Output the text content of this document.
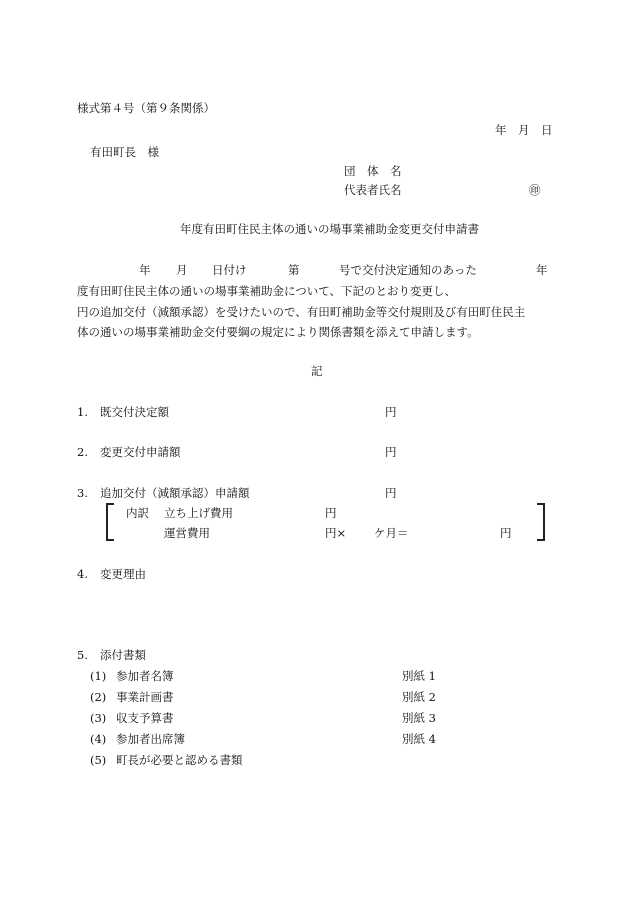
様式第４号（第９条関係）
年　月　日
有田町長　様
団　体　名
代表者氏名	㊞
年度有田町住民主体の通いの場事業補助金変更交付申請書
年 月 日付け	第	号で交付決定通知のあった	年
度有田町住民主体の通いの場事業補助金について、下記のとおり変更し、
円の追加交付（減額承認）を受けたいので、有田町補助金等交付規則及び有田町住民主
体の通いの場事業補助金交付要綱の規定により関係書類を添えて申請します。
記
1. 既交付決定額	円
2. 変更交付申請額	円
3. 追加交付（減額承認）申請額	円
内訳 立ち上げ費用	円
運営費用	円× ケ月＝	円
4. 変更理由
5. 添付書類
(1) 参加者名簿	別紙 1
(2) 事業計画書	別紙 2
(3) 収支予算書	別紙 3
(4) 参加者出席簿	別紙 4
(5) 町長が必要と認める書類
